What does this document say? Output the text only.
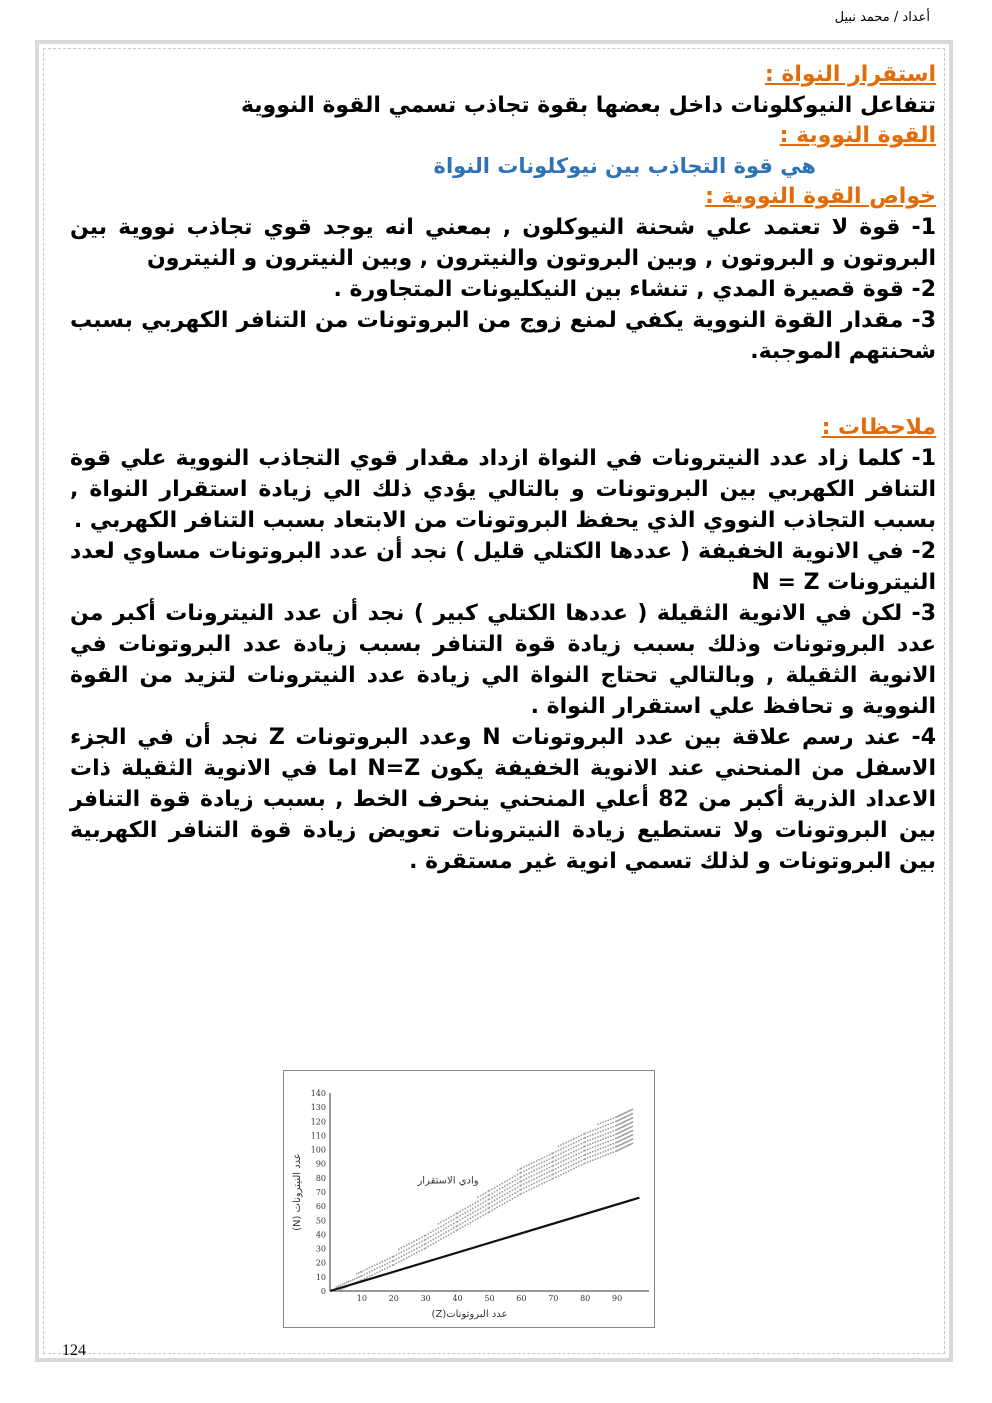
أعداد / محمد نبيل

استقرار النواة :

تتفاعل النيوكلونات داخل بعضها بقوة تجاذب تسمي القوة النووية

القوة النووية :

هي قوة التجاذب بين نيوكلونات النواة

خواص القوة النووية :

1- قوة لا تعتمد علي شحنة النيوكلون , بمعني انه يوجد قوي تجاذب نووية بين البروتون و البروتون , وبين البروتون والنيترون , وبين النيترون و النيترون

2- قوة قصيرة المدي , تنشاء بين النيكليونات المتجاورة .

3- مقدار القوة النووية يكفي لمنع زوج من البروتونات من التنافر الكهربي بسبب شحنتهم الموجبة.

ملاحظات :

1- كلما زاد عدد النيترونات في النواة ازداد مقدار قوي التجاذب النووية علي قوة التنافر الكهربي بين البروتونات و بالتالي يؤدي ذلك الي زيادة استقرار النواة , بسبب التجاذب النووي الذي يحفظ البروتونات من الابتعاد بسبب التنافر الكهربي .

2- في الانوية الخفيفة ( عددها الكتلي قليل ) نجد أن عدد البروتونات مساوي لعدد النيترونات N = Z

3- لكن في الانوية الثقيلة ( عددها الكتلي كبير ) نجد أن عدد النيترونات أكبر من عدد البروتونات وذلك بسبب زيادة قوة التنافر بسبب زيادة عدد البروتونات في الانوية الثقيلة , وبالتالي تحتاج النواة الي زيادة عدد النيترونات لتزيد من القوة النووية و تحافظ علي استقرار النواة .

4- عند رسم علاقة بين عدد البروتونات N وعدد البروتونات Z نجد أن في الجزء الاسفل من المنحني عند الانوية الخفيفة يكون N=Z اما في الانوية الثقيلة ذات الاعداد الذرية أكبر من 82 أعلي المنحني ينحرف الخط , بسبب زيادة قوة التنافر بين البروتونات ولا تستطيع زيادة النيترونات تعويض زيادة قوة التنافر الكهربية بين البروتونات و لذلك تسمي انوية غير مستقرة .

0
10
20
30
40
50
60
70
80
90
100
110
120
130
140
10	20	30	40	50	60	70	80	90
وادي الاستقرار
عدد البروتونات(Z)
عدد النيترونات (N)
124
